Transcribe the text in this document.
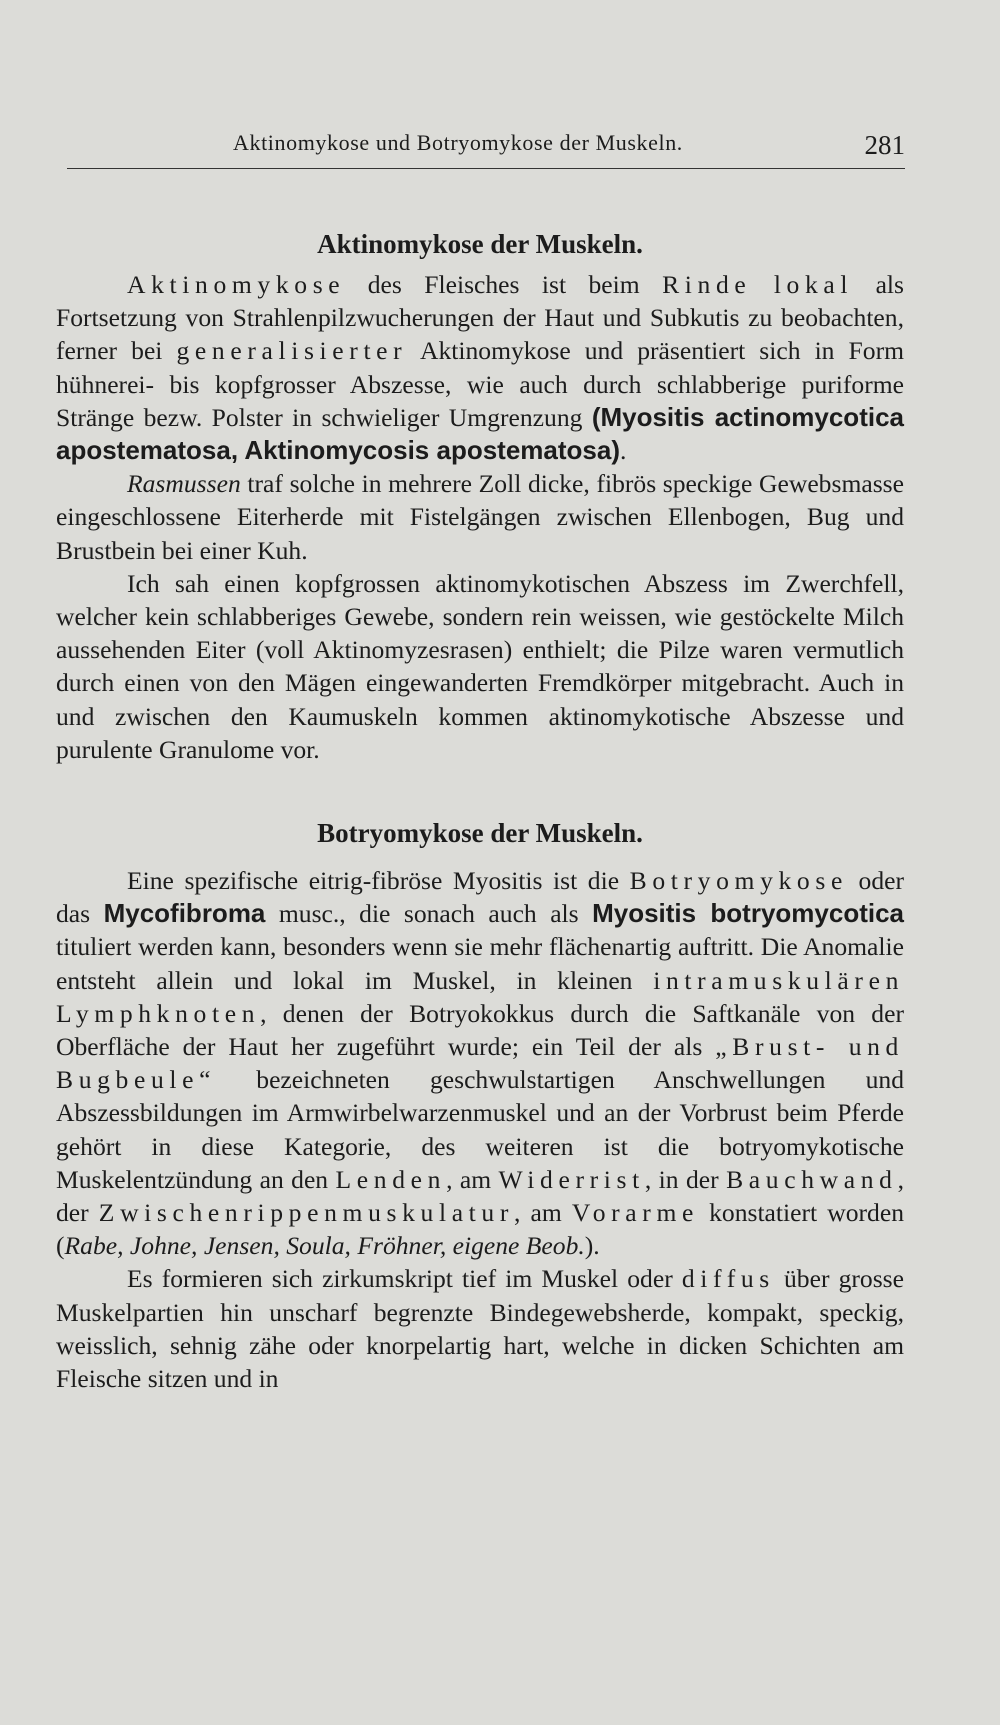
Aktinomykose und Botryomykose der Muskeln.	281
Aktinomykose der Muskeln.

Aktinomykose des Fleisches ist beim Rinde lokal als Fortsetzung von Strahlenpilzwucherungen der Haut und Subkutis zu beobachten, ferner bei generalisierter Aktinomykose und präsentiert sich in Form hühnerei- bis kopfgrosser Abszesse, wie auch durch schlabberige puriforme Stränge bezw. Polster in schwieliger Umgrenzung (Myositis actinomycotica apostematosa, Aktinomycosis apostematosa).

Rasmussen traf solche in mehrere Zoll dicke, fibrös speckige Gewebsmasse eingeschlossene Eiterherde mit Fistelgängen zwischen Ellenbogen, Bug und Brustbein bei einer Kuh.

Ich sah einen kopfgrossen aktinomykotischen Abszess im Zwerchfell, welcher kein schlabberiges Gewebe, sondern rein weissen, wie gestöckelte Milch aussehenden Eiter (voll Aktinomyzesrasen) enthielt; die Pilze waren vermutlich durch einen von den Mägen eingewanderten Fremdkörper mitgebracht. Auch in und zwischen den Kaumuskeln kommen aktinomykotische Abszesse und purulente Granulome vor.

Botryomykose der Muskeln.

Eine spezifische eitrig-fibröse Myositis ist die Botryomykose oder das Mycofibroma musc., die sonach auch als Myositis botryomycotica tituliert werden kann, besonders wenn sie mehr flächenartig auftritt. Die Anomalie entsteht allein und lokal im Muskel, in kleinen intramuskulären Lymphknoten, denen der Botryokokkus durch die Saftkanäle von der Oberfläche der Haut her zugeführt wurde; ein Teil der als „Brust- und Bugbeule“ bezeichneten geschwulstartigen Anschwellungen und Abszessbildungen im Armwirbelwarzenmuskel und an der Vorbrust beim Pferde gehört in diese Kategorie, des weiteren ist die botryomykotische Muskelentzündung an den Lenden, am Widerrist, in der Bauchwand, der Zwischenrippenmuskulatur, am Vorarme konstatiert worden (Rabe, Johne, Jensen, Soula, Fröhner, eigene Beob.).

Es formieren sich zirkumskript tief im Muskel oder diffus über grosse Muskelpartien hin unscharf begrenzte Bindegewebsherde, kompakt, speckig, weisslich, sehnig zähe oder knorpelartig hart, welche in dicken Schichten am Fleische sitzen und in
